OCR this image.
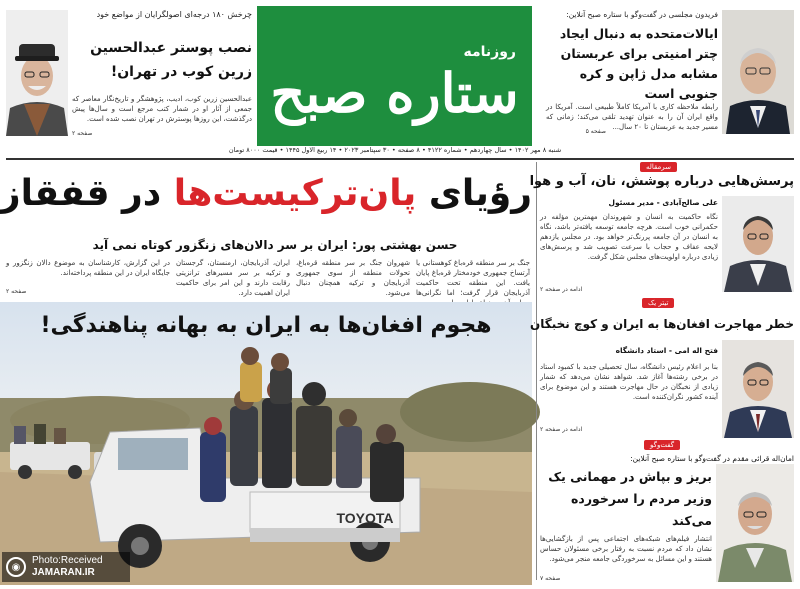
روزنامه
ستاره صبح
شنبه ۸ مهر ۱۴۰۲ • سال چهاردهم • شماره ۴۱۲۲ • ۸ صفحه • ۳۰ سپتامبر ۲۰۲۳ • ۱۴ ربیع الاول ۱۴۴۵ • قیمت ۸۰۰۰ تومان
فریدون مجلسی در گفت‌وگو با ستاره صبح آنلاین:
ایالات‌متحده به دنبال ایجاد چتر امنیتی برای عربستان مشابه مدل ژاپن و کره جنوبی است
رابطه ملاحظه کاری با آمریکا کاملاً طبیعی است. آمریکا در واقع ایران آن را به عنوان تهدید تلقی می‌کند؛ زمانی که مسیر جدید به عربستان تا ۲۰ سال...
صفحه ۵
چرخش ۱۸۰ درجه‌ای اصولگرایان از مواضع خود
نصب پوستر عبدالحسین زرین کوب در تهران!
عبدالحسین زرین کوب، ادیب، پژوهشگر و تاریخ‌نگار معاصر که جمعی از آثار او در شمار کتب مرجع است و سال‌ها پیش درگذشت، این روزها پوسترش در تهران نصب شده است.
صفحه ۲
رؤیای پان‌ترکیست‌ها در قفقاز
حسن بهشتی پور: ایران بر سر دالان‌های زنگزور کوتاه نمی آید
جنگ بر سر منطقه قره‌باغ کوهستانی یا آرتساخ جمهوری خودمختار قره‌باغ پایان یافت. این منطقه تحت حاکمیت آذربایجان قرار گرفت؛ اما نگرانی‌ها
شهروان جنگ بر سر منطقه قره‌باغ، تحولات منطقه از سوی جمهوری آذربایجان و ترکیه همچنان دنبال می‌شود.
ایران، آذربایجان، ارمنستان، گرجستان و ترکیه بر سر مسیرهای ترانزیتی رقابت دارند و این امر برای حاکمیت ایران اهمیت دارد.
در این گزارش، کارشناسان به موضوع دالان زنگزور و جایگاه ایران در این منطقه پرداخته‌اند.
صفحه ۲
TOYOTA
هجوم افغان‌ها به ایران به بهانه پناهندگی!
◉
Photo:Received
JAMARAN.IR
سرمقاله
پرسش‌هایی درباره پوشش، نان، آب و هوا
علی صالح‌آبادی - مدیر مسئول
نگاه حاکمیت به انسان و شهروندان مهمترین مؤلفه در حکمرانی خوب است. هرچه جامعه توسعه یافته‌تر باشد، نگاه به انسان در آن جامعه پررنگ‌تر خواهد بود. در مجلس یازدهم لایحه عفاف و حجاب با سرعت تصویب شد و پرسش‌های زیادی درباره اولویت‌های مجلس شکل گرفت.
ادامه در صفحه ۲
تیتر یک
خطر مهاجرت افغان‌ها به ایران و کوچ نخبگان
فتح اله امی - استاد دانشگاه
بنا بر اعلام رئیس دانشگاه، سال تحصیلی جدید با کمبود استاد در برخی رشته‌ها آغاز شد. شواهد نشان می‌دهد که شمار زیادی از نخبگان در حال مهاجرت هستند و این موضوع برای آینده کشور نگران‌کننده است.
ادامه در صفحه ۲
گفت‌وگو
امان‌اله قرائی مقدم در گفت‌وگو با ستاره صبح آنلاین:
بریز و بپاش در مهمانی یک وزیر مردم را سرخورده می‌کند
انتشار فیلم‌های شبکه‌های اجتماعی پس از بازگشایی‌ها نشان داد که مردم نسبت به رفتار برخی مسئولان حساس هستند و این مسائل به سرخوردگی جامعه منجر می‌شود.
صفحه ۷
